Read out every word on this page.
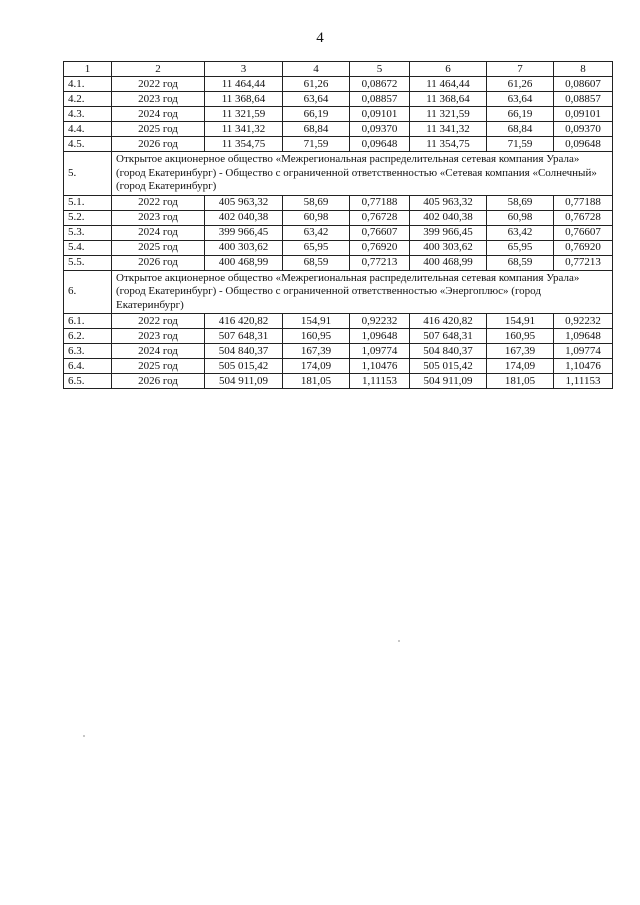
4
1	2	3	4	5	6	7	8
4.1.	2022 год	11 464,44	61,26	0,08672	11 464,44	61,26	0,08607
4.2.	2023 год	11 368,64	63,64	0,08857	11 368,64	63,64	0,08857
4.3.	2024 год	11 321,59	66,19	0,09101	11 321,59	66,19	0,09101
4.4.	2025 год	11 341,32	68,84	0,09370	11 341,32	68,84	0,09370
4.5.	2026 год	11 354,75	71,59	0,09648	11 354,75	71,59	0,09648
5.	Открытое акционерное общество «Межрегиональная распределительная сетевая компания Урала» (город Екатеринбург) - Общество с ограниченной ответственностью «Сетевая компания «Солнечный» (город Екатеринбург)						
5.1.	2022 год	405 963,32	58,69	0,77188	405 963,32	58,69	0,77188
5.2.	2023 год	402 040,38	60,98	0,76728	402 040,38	60,98	0,76728
5.3.	2024 год	399 966,45	63,42	0,76607	399 966,45	63,42	0,76607
5.4.	2025 год	400 303,62	65,95	0,76920	400 303,62	65,95	0,76920
5.5.	2026 год	400 468,99	68,59	0,77213	400 468,99	68,59	0,77213
6.	Открытое акционерное общество «Межрегиональная распределительная сетевая компания Урала» (город Екатеринбург) - Общество с ограниченной ответственностью «Энергоплюс» (город Екатеринбург)						
6.1.	2022 год	416 420,82	154,91	0,92232	416 420,82	154,91	0,92232
6.2.	2023 год	507 648,31	160,95	1,09648	507 648,31	160,95	1,09648
6.3.	2024 год	504 840,37	167,39	1,09774	504 840,37	167,39	1,09774
6.4.	2025 год	505 015,42	174,09	1,10476	505 015,42	174,09	1,10476
6.5.	2026 год	504 911,09	181,05	1,11153	504 911,09	181,05	1,11153
